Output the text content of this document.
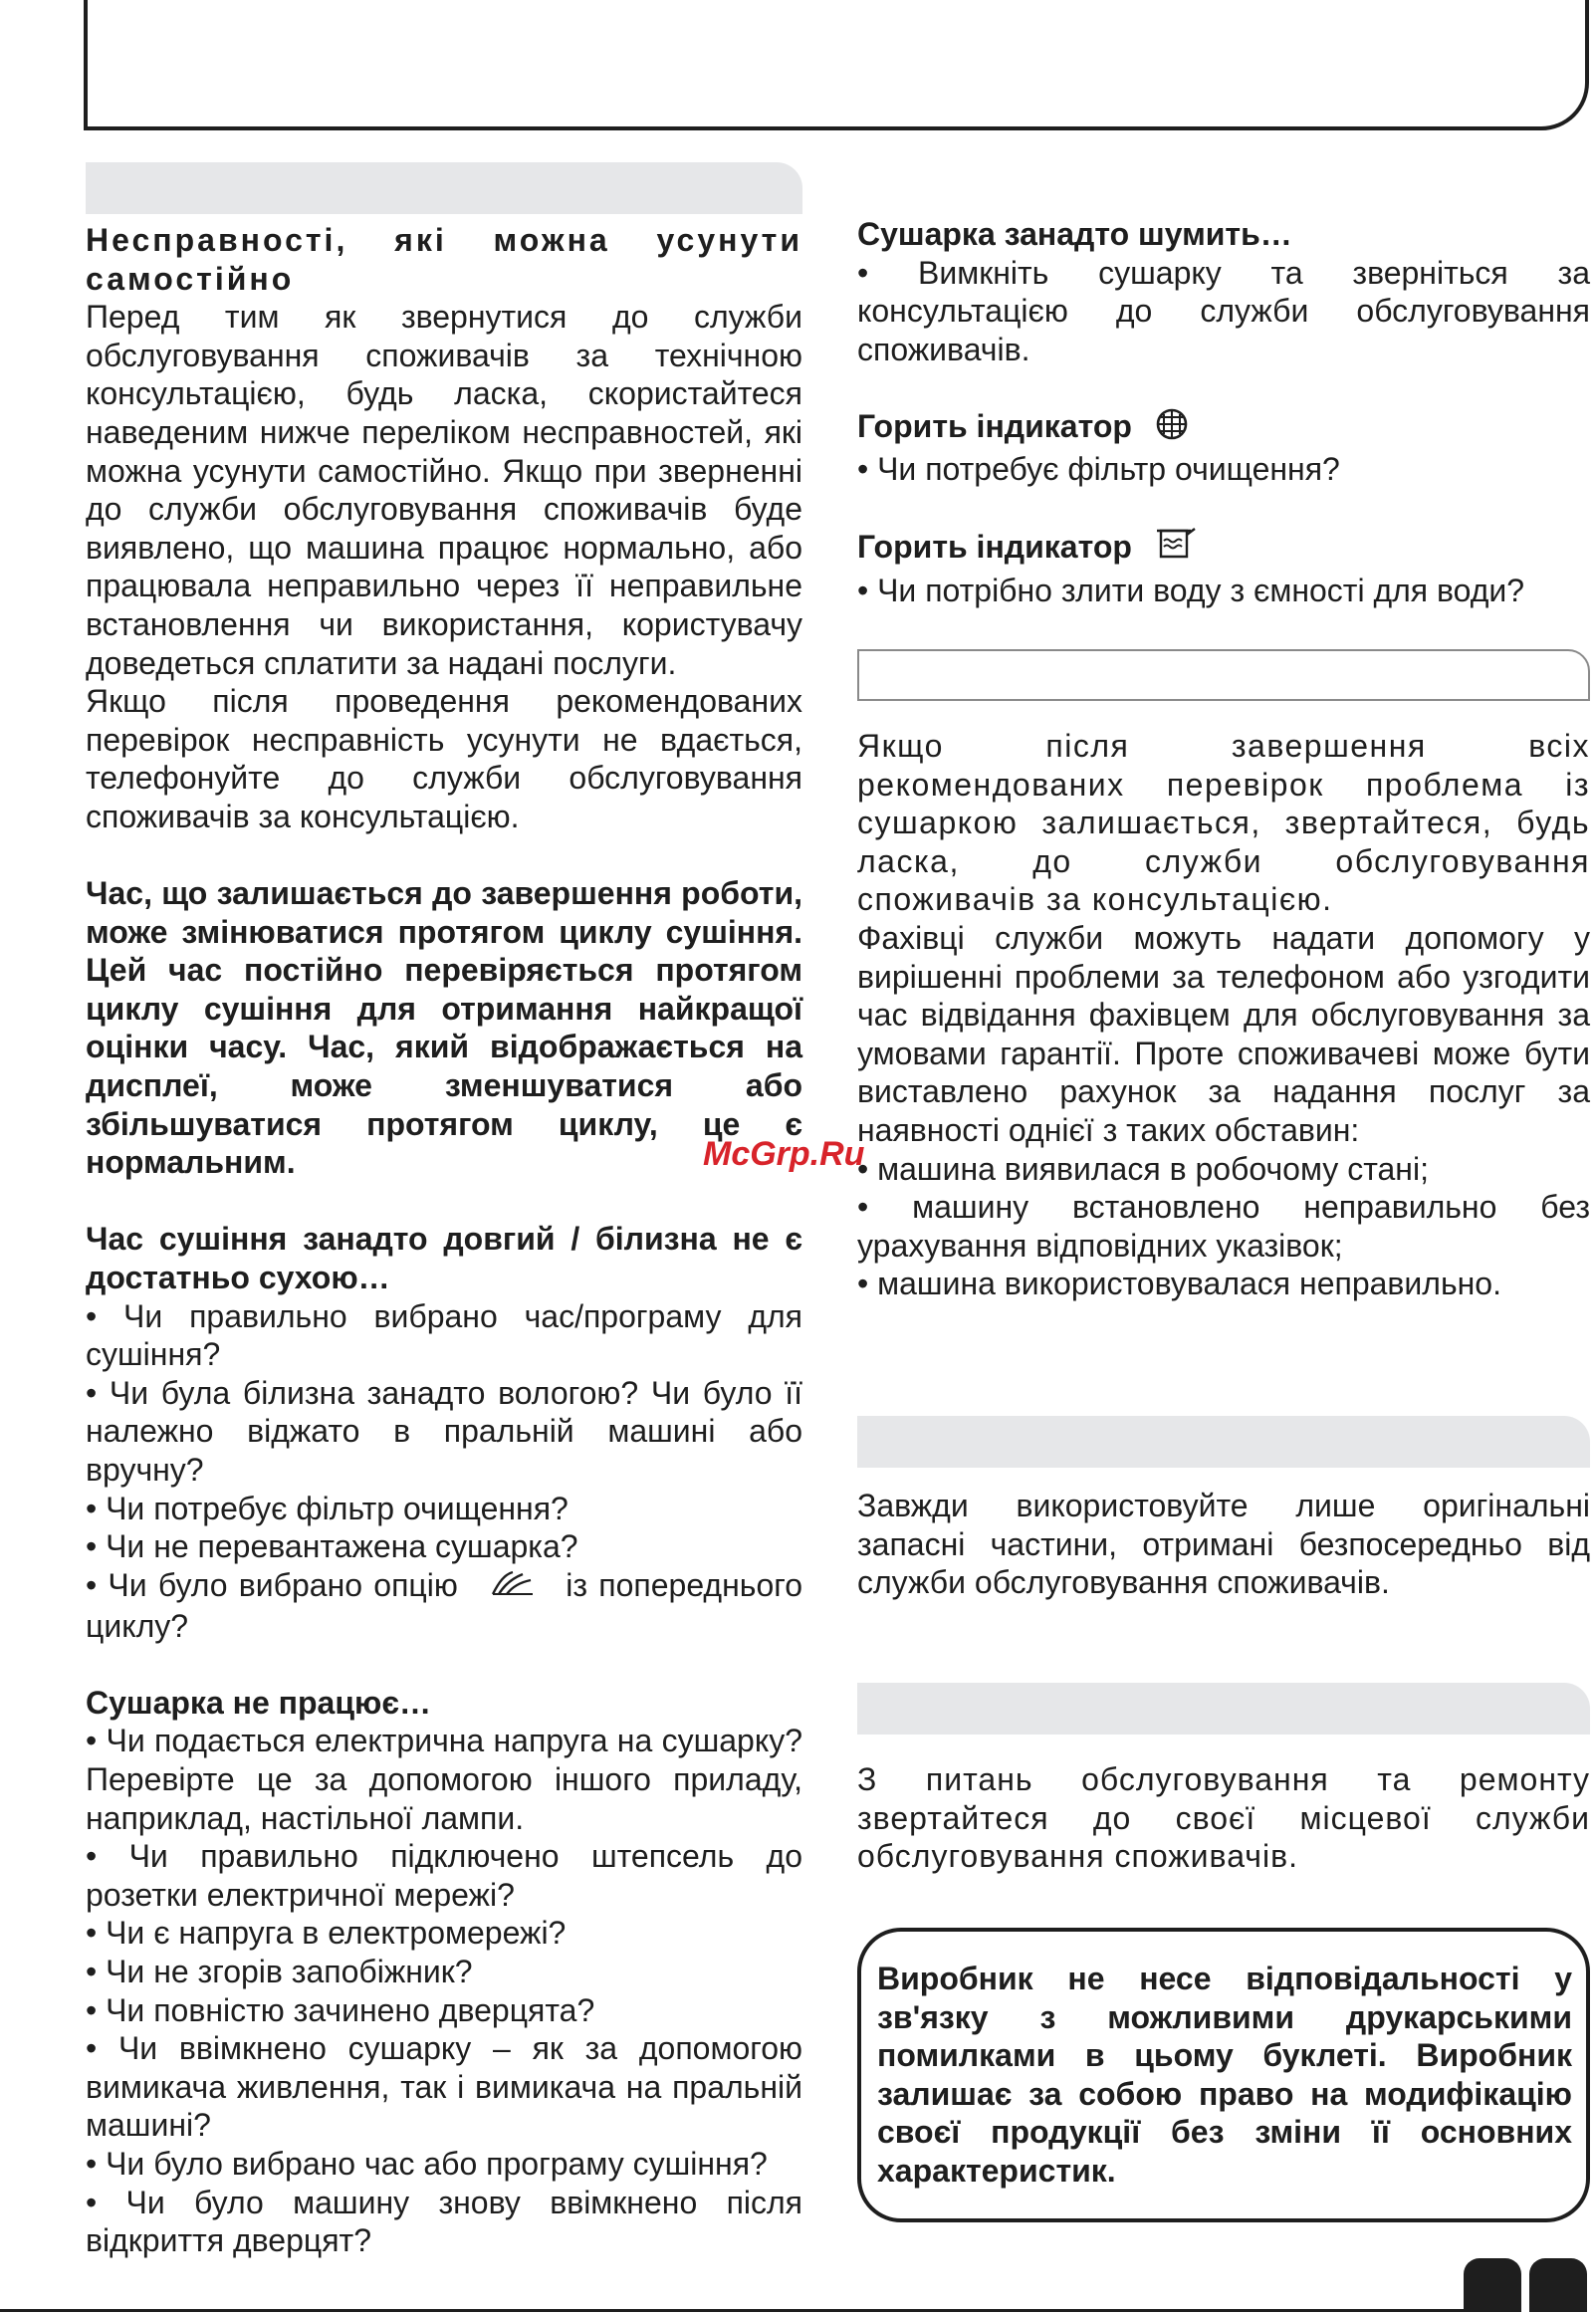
Несправності, які можна усунути самостійно

Перед тим як звернутися до служби обслуговування споживачів за технічною консультацією, будь ласка, скористайтеся наведеним нижче переліком несправностей, які можна усунути самостійно. Якщо при зверненні до служби обслуговування споживачів буде виявлено, що машина працює нормально, або працювала неправильно через її неправильне встановлення чи використання, користувачу доведеться сплатити за надані послуги.

Якщо після проведення рекомендованих перевірок несправність усунути не вдається, телефонуйте до служби обслуговування споживачів за консультацією.

Час, що залишається до завершення роботи, може змінюватися протягом циклу сушіння. Цей час постійно перевіряється протягом циклу сушіння для отримання найкращої оцінки часу. Час, який відображається на дисплеї, може зменшуватися або збільшуватися протягом циклу, це є нормальним.

Час сушіння занадто довгий / білизна не є достатньо сухою…

• Чи правильно вибрано час/програму для сушіння?

• Чи була білизна занадто вологою? Чи було її належно віджато в пральній машині або вручну?

• Чи потребує фільтр очищення?

• Чи не перевантажена сушарка?

• Чи було вибрано опцію	із попереднього циклу?

Сушарка не працює…

• Чи подається електрична напруга на сушарку? Перевірте це за допомогою іншого приладу, наприклад, настільної лампи.

• Чи правильно підключено штепсель до розетки електричної мережі?

• Чи є напруга в електромережі?

• Чи не згорів запобіжник?

• Чи повністю зачинено дверцята?

• Чи ввімкнено сушарку – як за допомогою вимикача живлення, так і вимикача на пральній машині?

• Чи було вибрано час або програму сушіння?

• Чи було машину знову ввімкнено після відкриття дверцят?

Сушарка занадто шумить…

• Вимкніть сушарку та зверніться за консультацією до служби обслуговування споживачів.

Горить індикатор

• Чи потребує фільтр очищення?

Горить індикатор

• Чи потрібно злити воду з ємності для води?

Якщо після завершення всіх рекомендованих перевірок проблема із сушаркою залишається, звертайтеся, будь ласка, до служби обслуговування споживачів за консультацією.

Фахівці служби можуть надати допомогу у вирішенні проблеми за телефоном або узгодити час відвідання фахівцем для обслуговування за умовами гарантії. Проте споживачеві може бути виставлено рахунок за надання послуг за наявності однієї з таких обставин:

• машина виявилася в робочому стані;

• машину встановлено неправильно без урахування відповідних указівок;

• машина використовувалася неправильно.

Завжди використовуйте лише оригінальні запасні частини, отримані безпосередньо від служби обслуговування споживачів.

З питань обслуговування та ремонту звертайтеся до своєї місцевої служби обслуговування споживачів.

Виробник не несе відповідальності у зв'язку з можливими друкарськими помилками в цьому буклеті. Виробник залишає за собою право на модифікацію своєї продукції без зміни її основних характеристик.

McGrp.Ru
